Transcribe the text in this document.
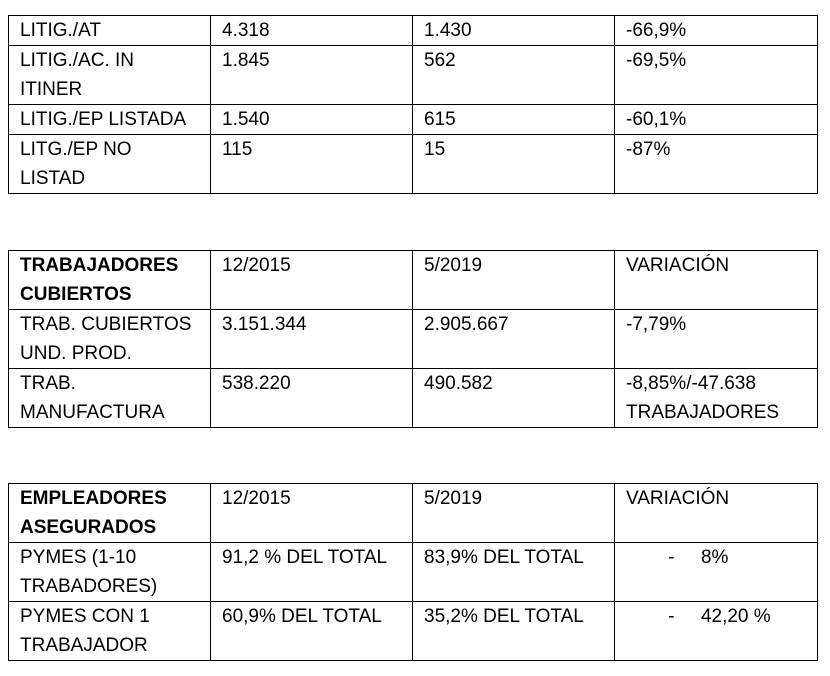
LITIG./AT	4.318	1.430	-66,9%
LITIG./AC. IN ITINER	1.845	562	-69,5%
LITIG./EP LISTADA	1.540	615	-60,1%
LITG./EP NO LISTAD	115	15	-87%
TRABAJADORES CUBIERTOS	12/2015	5/2019	VARIACIÓN
TRAB. CUBIERTOS UND. PROD.	3.151.344	2.905.667	-7,79%
TRAB. MANUFACTURA	538.220	490.582	-8,85%/-47.638 TRABAJADORES
EMPLEADORES ASEGURADOS	12/2015	5/2019	VARIACIÓN
PYMES (1-10 TRABADORES)	91,2 % DEL TOTAL	83,9% DEL TOTAL	-     8%
PYMES CON 1 TRABAJADOR	60,9% DEL TOTAL	35,2% DEL TOTAL	-     42,20 %
